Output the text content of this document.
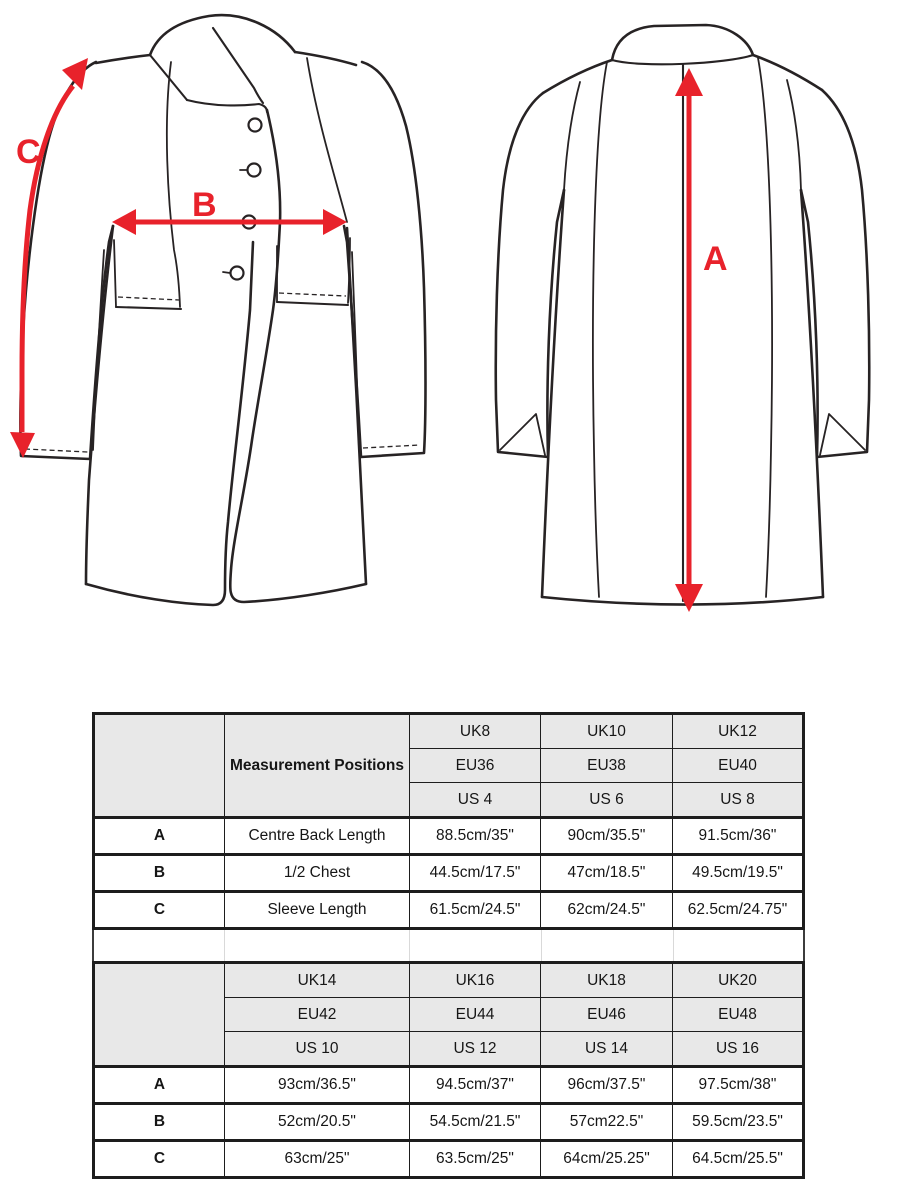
C
B
A
	Measurement Positions	UK8	UK10	UK12
		EU36	EU38	EU40
		US 4	US 6	US 8
A	Centre Back Length	88.5cm/35"	90cm/35.5"	91.5cm/36"
B	1/2 Chest	44.5cm/17.5"	47cm/18.5"	49.5cm/19.5"
C	Sleeve Length	61.5cm/24.5"	62cm/24.5"	62.5cm/24.75"
	UK14	UK16	UK18	UK20
	EU42	EU44	EU46	EU48
	US 10	US 12	US 14	US 16
A	93cm/36.5"	94.5cm/37"	96cm/37.5"	97.5cm/38"
B	52cm/20.5"	54.5cm/21.5"	57cm22.5"	59.5cm/23.5"
C	63cm/25"	63.5cm/25"	64cm/25.25"	64.5cm/25.5"
